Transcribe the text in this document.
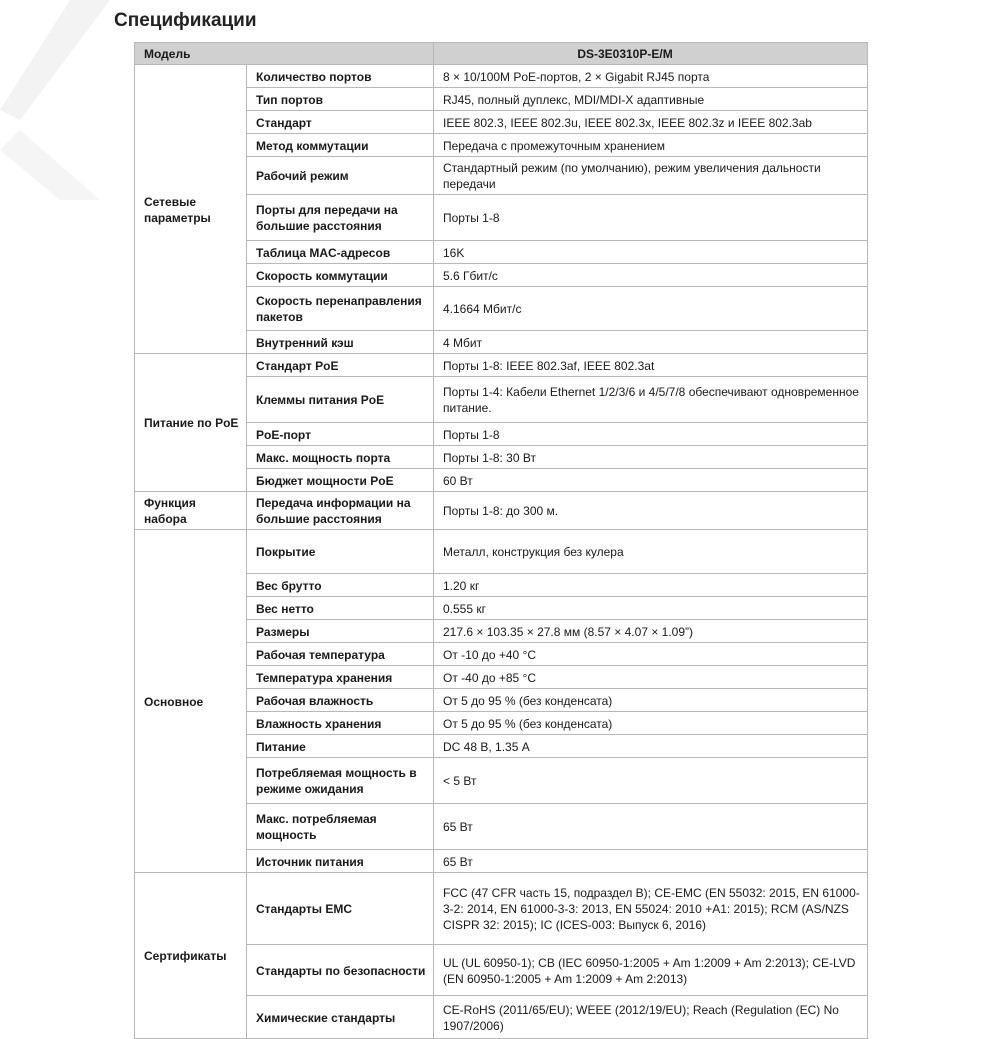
Спецификации
Модель		DS-3E0310P-E/M
Сетевые параметры	Количество портов	8 × 10/100M PoE-портов, 2 × Gigabit RJ45 порта
	Тип портов	RJ45, полный дуплекс, MDI/MDI-X адаптивные
	Стандарт	IEEE 802.3, IEEE 802.3u, IEEE 802.3x, IEEE 802.3z и IEEE 802.3ab
	Метод коммутации	Передача с промежуточным хранением
	Рабочий режим	Стандартный режим (по умолчанию), режим увеличения дальности передачи
	Порты для передачи на большие расстояния	Порты 1-8
	Таблица MAC-адресов	16K
	Скорость коммутации	5.6 Гбит/с
	Скорость перенаправления пакетов	4.1664 Мбит/с
	Внутренний кэш	4 Мбит
Питание по PoE	Стандарт PoE	Порты 1-8: IEEE 802.3af, IEEE 802.3at
	Клеммы питания PoE	Порты 1-4: Кабели Ethernet 1/2/3/6 и 4/5/7/8 обеспечивают одновременное питание.
	PoE-порт	Порты 1-8
	Макс. мощность порта	Порты 1-8: 30 Вт
	Бюджет мощности PoE	60 Вт
Функция набора	Передача информации на большие расстояния	Порты 1-8: до 300 м.
Основное	Покрытие	Металл, конструкция без кулера
	Вес брутто	1.20 кг
	Вес нетто	0.555 кг
	Размеры	217.6 × 103.35 × 27.8 мм (8.57 × 4.07 × 1.09”)
	Рабочая температура	От -10 до +40 °C
	Температура хранения	От -40 до +85 °C
	Рабочая влажность	От 5 до 95 % (без конденсата)
	Влажность хранения	От 5 до 95 % (без конденсата)
	Питание	DC 48 В, 1.35 А
	Потребляемая мощность в режиме ожидания	< 5 Вт
	Макс. потребляемая мощность	65 Вт
	Источник питания	65 Вт
Сертификаты	Стандарты EMC	FCC (47 CFR часть 15, подраздел B); CE-EMC (EN 55032: 2015, EN 61000-3-2: 2014, EN 61000-3-3: 2013, EN 55024: 2010 +A1: 2015); RCM (AS/NZS CISPR 32: 2015); IC (ICES-003: Выпуск 6, 2016)
	Стандарты по безопасности	UL (UL 60950-1); CB (IEC 60950-1:2005 + Am 1:2009 + Am 2:2013); CE-LVD (EN 60950-1:2005 + Am 1:2009 + Am 2:2013)
	Химические стандарты	CE-RoHS (2011/65/EU); WEEE (2012/19/EU); Reach (Regulation (EC) No 1907/2006)
